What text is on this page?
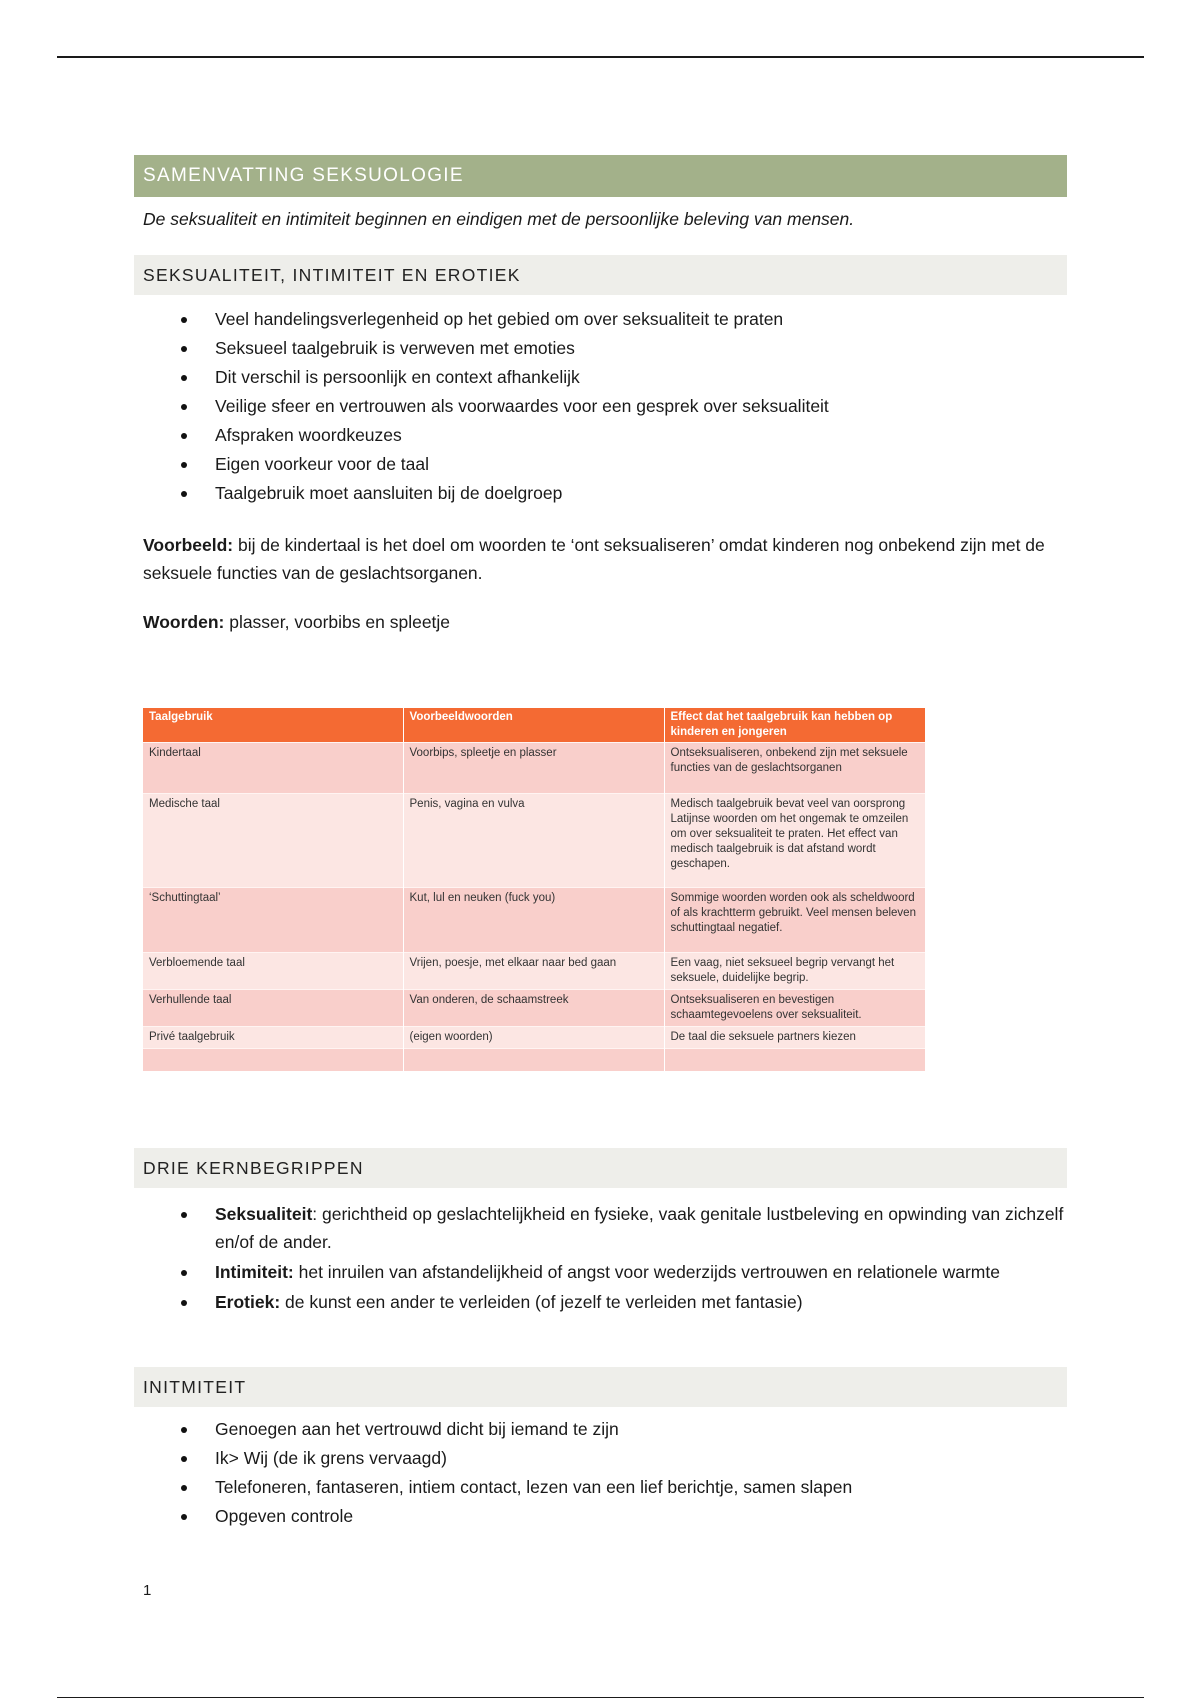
SAMENVATTING SEKSUOLOGIE
De seksualiteit en intimiteit beginnen en eindigen met de persoonlijke beleving van mensen.
SEKSUALITEIT, INTIMITEIT EN EROTIEK
Veel handelingsverlegenheid op het gebied om over seksualiteit te praten
Seksueel taalgebruik is verweven met emoties
Dit verschil is persoonlijk en context afhankelijk
Veilige sfeer en vertrouwen als voorwaardes voor een gesprek over seksualiteit
Afspraken woordkeuzes
Eigen voorkeur voor de taal
Taalgebruik moet aansluiten bij de doelgroep

Voorbeeld: bij de kindertaal is het doel om woorden te ‘ont seksualiseren’ omdat kinderen nog onbekend zijn met de seksuele functies van de geslachtsorganen.

Woorden: plasser, voorbibs en spleetje

Taalgebruik	Voorbeeldwoorden	Effect dat het taalgebruik kan hebben op kinderen en jongeren
Kindertaal	Voorbips, spleetje en plasser	Ontseksualiseren, onbekend zijn met seksuele functies van de geslachtsorganen
Medische taal	Penis, vagina en vulva	Medisch taalgebruik bevat veel van oorsprong Latijnse woorden om het ongemak te omzeilen om over seksualiteit te praten. Het effect van medisch taalgebruik is dat afstand wordt geschapen.
‘Schuttingtaal’	Kut, lul en neuken (fuck you)	Sommige woorden worden ook als scheldwoord of als krachtterm gebruikt. Veel mensen beleven schuttingtaal negatief.
Verbloemende taal	Vrijen, poesje, met elkaar naar bed gaan	Een vaag, niet seksueel begrip vervangt het seksuele, duidelijke begrip.
Verhullende taal	Van onderen, de schaamstreek	Ontseksualiseren en bevestigen schaamtegevoelens over seksualiteit.
Privé taalgebruik	(eigen woorden)	De taal die seksuele partners kiezen

DRIE KERNBEGRIPPEN
Seksualiteit: gerichtheid op geslachtelijkheid en fysieke, vaak genitale lustbeleving en opwinding van zichzelf en/of de ander.
Intimiteit: het inruilen van afstandelijkheid of angst voor wederzijds vertrouwen en relationele warmte
Erotiek: de kunst een ander te verleiden (of jezelf te verleiden met fantasie)
INITMITEIT
Genoegen aan het vertrouwd dicht bij iemand te zijn
Ik> Wij (de ik grens vervaagd)
Telefoneren, fantaseren, intiem contact, lezen van een lief berichtje, samen slapen
Opgeven controle
1
